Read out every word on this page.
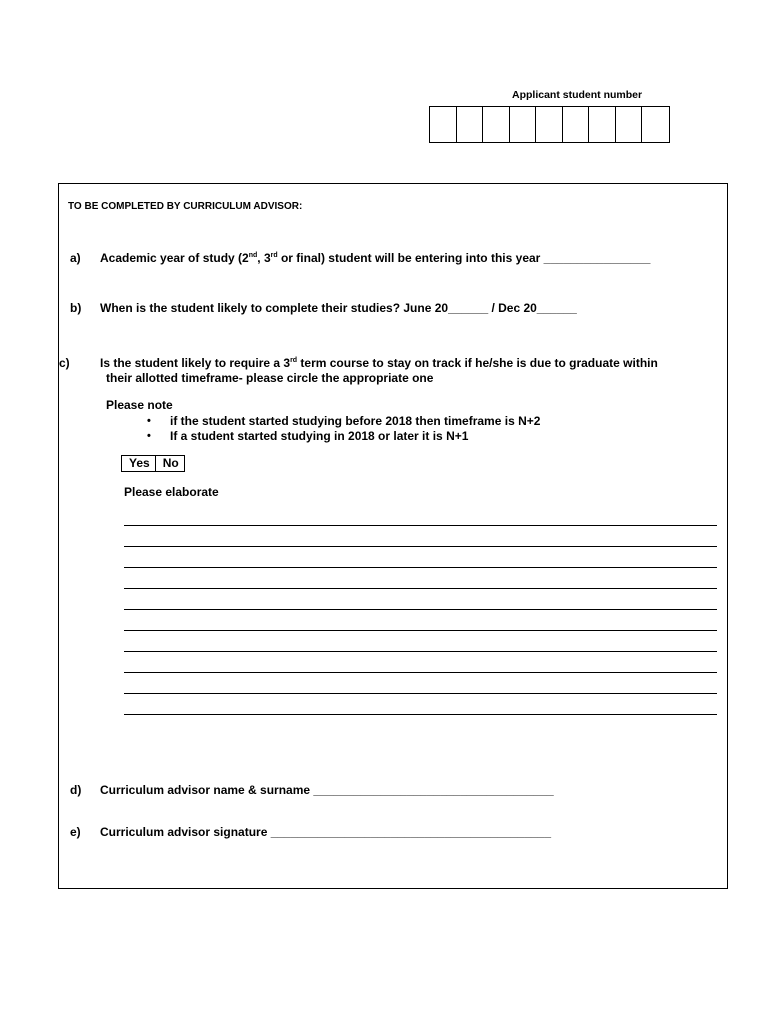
Applicant student number
TO BE COMPLETED BY CURRICULUM ADVISOR:
a) Academic year of study (2nd, 3rd or final) student will be entering into this year ________________
b) When is the student likely to complete their studies? June 20______ / Dec 20______
c)	Is the student likely to require a 3rd term course to stay on track if he/she is due to graduate within
their allotted timeframe- please circle the appropriate one
Please note
•	if the student started studying before 2018 then timeframe is N+2
•	If a student started studying in 2018 or later it is N+1
Yes	No
Please elaborate
d) Curriculum advisor name & surname ____________________________________
e) Curriculum advisor signature __________________________________________
